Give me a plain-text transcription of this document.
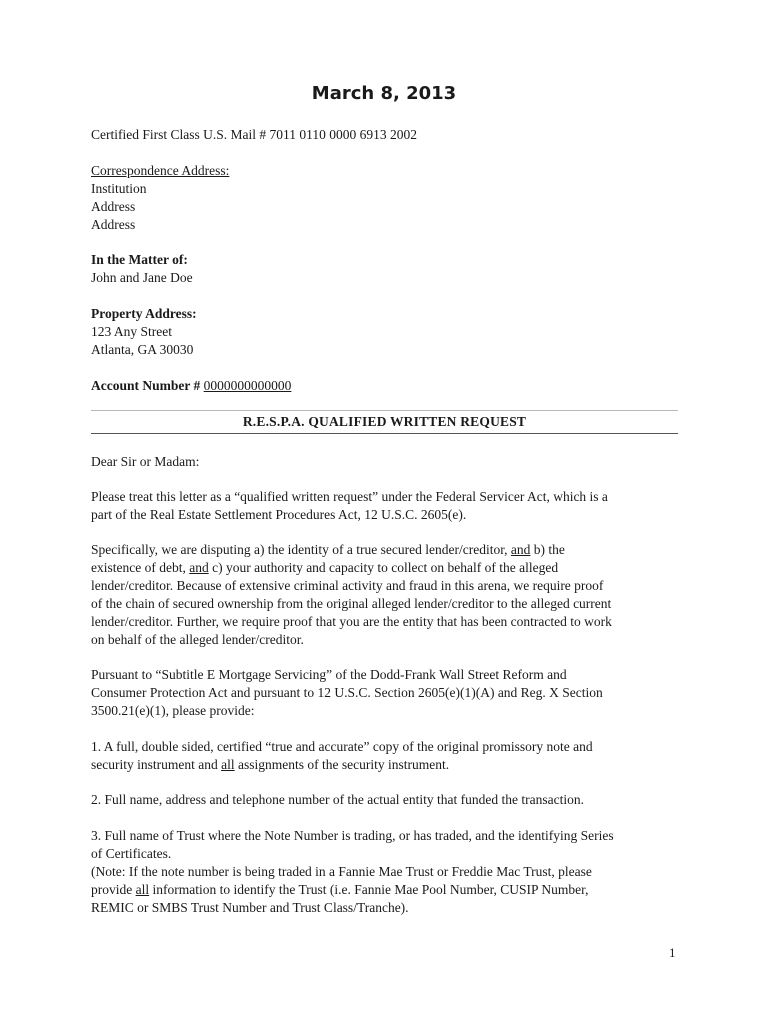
March 8, 2013
Certified First Class U.S. Mail # 7011 0110 0000 6913 2002
Correspondence Address:
Institution
Address
Address
In the Matter of:
John and Jane Doe
Property Address:
123 Any Street
Atlanta, GA 30030
Account Number # 0000000000000
R.E.S.P.A. QUALIFIED WRITTEN REQUEST
Dear Sir or Madam:
Please treat this letter as a “qualified written request” under the Federal Servicer Act, which is a
part of the Real Estate Settlement Procedures Act, 12 U.S.C. 2605(e).
Specifically, we are disputing a) the identity of a true secured lender/creditor, and b) the
existence of debt, and c) your authority and capacity to collect on behalf of the alleged
lender/creditor. Because of extensive criminal activity and fraud in this arena, we require proof
of the chain of secured ownership from the original alleged lender/creditor to the alleged current
lender/creditor. Further, we require proof that you are the entity that has been contracted to work
on behalf of the alleged lender/creditor.
Pursuant to “Subtitle E Mortgage Servicing” of the Dodd-Frank Wall Street Reform and
Consumer Protection Act and pursuant to 12 U.S.C. Section 2605(e)(1)(A) and Reg. X Section
3500.21(e)(1), please provide:
1. A full, double sided, certified “true and accurate” copy of the original promissory note and
security instrument and all assignments of the security instrument.
2. Full name, address and telephone number of the actual entity that funded the transaction.
3. Full name of Trust where the Note Number is trading, or has traded, and the identifying Series
of Certificates.
(Note: If the note number is being traded in a Fannie Mae Trust or Freddie Mac Trust, please
provide all information to identify the Trust (i.e. Fannie Mae Pool Number, CUSIP Number,
REMIC or SMBS Trust Number and Trust Class/Tranche).
1
